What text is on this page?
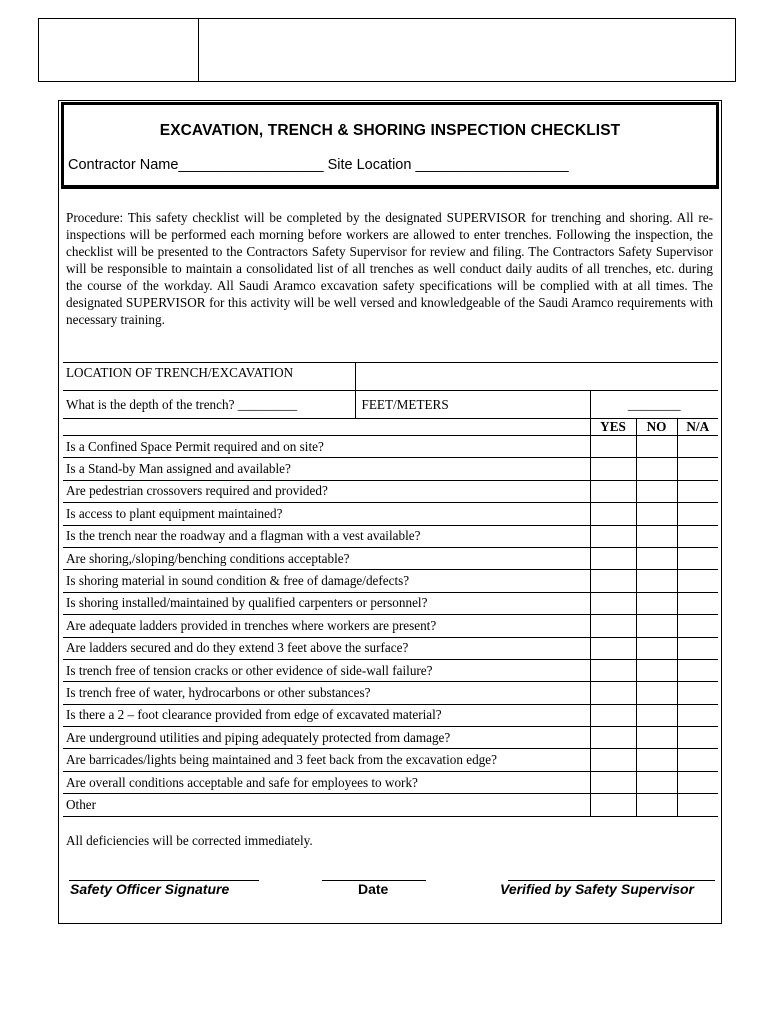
EXCAVATION, TRENCH & SHORING INSPECTION CHECKLIST
Contractor Name__________________ Site Location ___________________
Procedure: This safety checklist will be completed by the designated SUPERVISOR for trenching and shoring. All re-inspections will be performed each morning before workers are allowed to enter trenches. Following the inspection, the checklist will be presented to the Contractors Safety Supervisor for review and filing. The Contractors Safety Supervisor will be responsible to maintain a consolidated list of all trenches as well conduct daily audits of all trenches, etc. during the course of the workday. All Saudi Aramco excavation safety specifications will be complied with at all times. The designated SUPERVISOR for this activity will be well versed and knowledgeable of the Saudi Aramco requirements with necessary training.
LOCATION OF TRENCH/EXCAVATION				
What is the depth of the trench? _________	FEET/METERS	________		
		YES	NO	N/A
Is a Confined Space Permit required and on site?				
Is a Stand-by Man assigned and available?				
Are pedestrian crossovers required and provided?				
Is access to plant equipment maintained?				
Is the trench near the roadway and a flagman with a vest available?				
Are shoring,/sloping/benching conditions acceptable?				
Is shoring material in sound condition & free of damage/defects?				
Is shoring installed/maintained by qualified carpenters or personnel?				
Are adequate ladders provided in trenches where workers are present?				
Are ladders secured and do they extend 3 feet above the surface?				
Is trench free of tension cracks or other evidence of side-wall failure?				
Is trench free of water, hydrocarbons or other substances?				
Is there a 2 – foot clearance provided from edge of excavated material?				
Are underground utilities and piping adequately protected from damage?				
Are barricades/lights being maintained and 3 feet back from the excavation edge?				
Are overall conditions acceptable and safe for employees to work?				
Other				
All deficiencies will be corrected immediately.
Safety Officer Signature	Date	Verified by Safety Supervisor
